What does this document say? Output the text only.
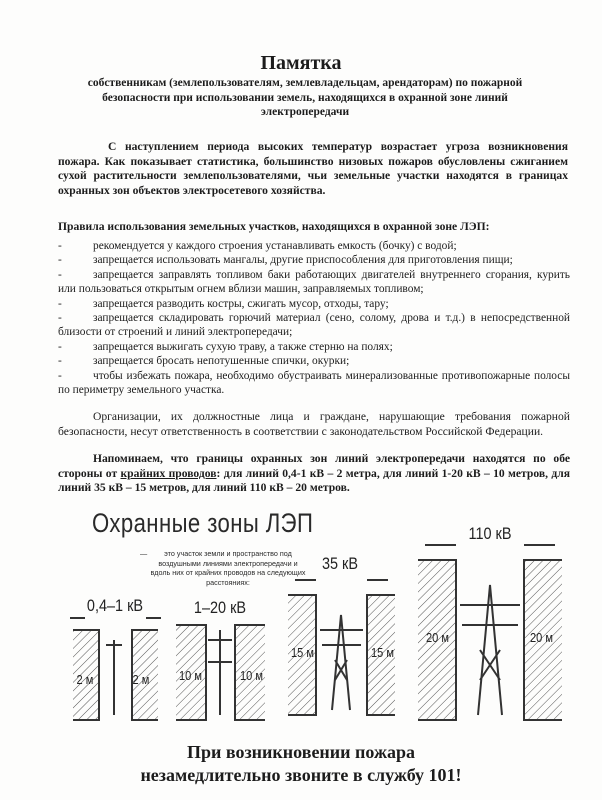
Памятка
собственникам (землепользователям, землевладельцам, арендаторам) по пожарной безопасности при использовании земель, находящихся в охранной зоне линий электропередачи
С наступлением периода высоких температур возрастает угроза возникновения пожара. Как показывает статистика, большинство низовых пожаров обусловлены сжиганием сухой растительности землепользователями, чьи земельные участки находятся в границах охранных зон объектов электросетевого хозяйства.
Правила использования земельных участков, находящихся в охранной зоне ЛЭП:
-	рекомендуется у каждого строения устанавливать емкость (бочку) с водой;
-	запрещается использовать мангалы, другие приспособления для приготовления пищи;
-	запрещается заправлять топливом баки работающих двигателей внутреннего сгорания, курить или пользоваться открытым огнем вблизи машин, заправляемых топливом;
-	запрещается разводить костры, сжигать мусор, отходы, тару;
-	запрещается складировать горючий материал (сено, солому, дрова и т.д.) в непосредственной близости от строений и линий электропередачи;
-	запрещается выжигать сухую траву, а также стерню на полях;
-	запрещается бросать непотушенные спички, окурки;
-	чтобы избежать пожара, необходимо обустраивать минерализованные противопожарные полосы по периметру земельного участка.
Организации, их должностные лица и граждане, нарушающие требования пожарной безопасности, несут ответственность в соответствии с законодательством Российской Федерации.
Напоминаем, что границы охранных зон линий электропередачи находятся по обе стороны от крайних проводов: для линий 0,4-1 кВ – 2 метра, для линий 1-20 кВ – 10 метров, для линий 35 кВ – 15 метров, для линий 110 кВ – 20 метров.
Охранные зоны ЛЭП
— это участок земли и пространство под воздушными линиями электропередачи и вдоль них от крайних проводов на следующих расстояниях:
0,4–1 кВ	1–20 кВ
35 кВ
110 кВ
2 м	2 м 10 м	10 м
15 м	15 м
20 м	20 м
При возникновении пожара
незамедлительно звоните в службу 101!
